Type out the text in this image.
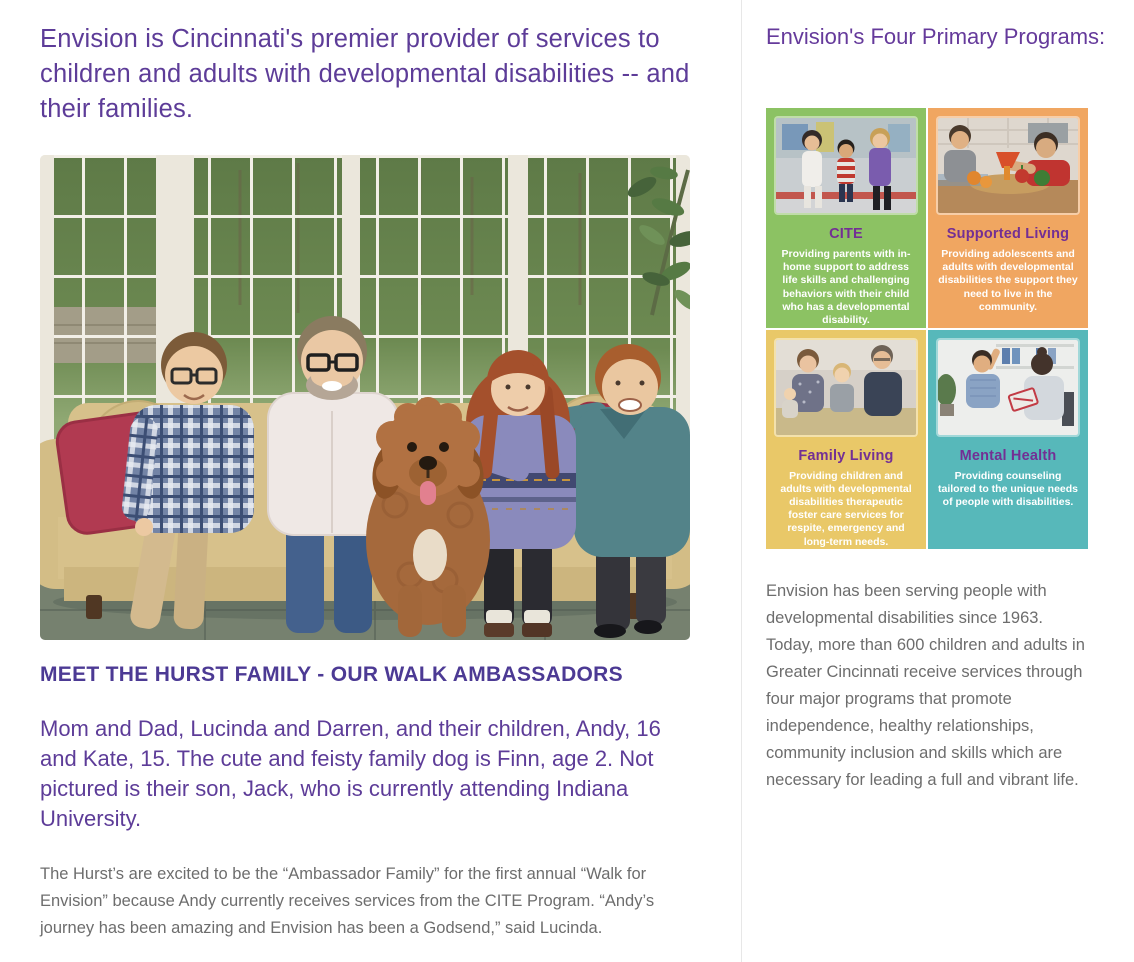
Envision is Cincinnati's premier provider of services to children and adults with developmental disabilities -- and their families.
MEET THE HURST FAMILY - OUR WALK AMBASSADORS

Mom and Dad, Lucinda and Darren, and their children, Andy, 16 and Kate, 15. The cute and feisty family dog is Finn, age 2. Not pictured is their son, Jack, who is currently attending Indiana University.

The Hurst’s are excited to be the “Ambassador Family” for the first annual “Walk for Envision” because Andy currently receives services from the CITE Program. “Andy’s journey has been amazing and Envision has been a Godsend,” said Lucinda.

Envision's Four Primary Programs:
CITE
Providing parents with in-home support to address life skills and challenging behaviors with their child who has a developmental disability.
Supported Living
Providing adolescents and adults with developmental disabilities the support they need to live in the community.
Family Living
Providing children and adults with developmental disabilities therapeutic foster care services for respite, emergency and long-term needs.
Mental Health
Providing counseling tailored to the unique needs of people with disabilities.

Envision has been serving people with developmental disabilities since 1963. Today, more than 600 children and adults in Greater Cincinnati receive services through four major programs that promote independence, healthy relationships, community inclusion and skills which are necessary for leading a full and vibrant life.
